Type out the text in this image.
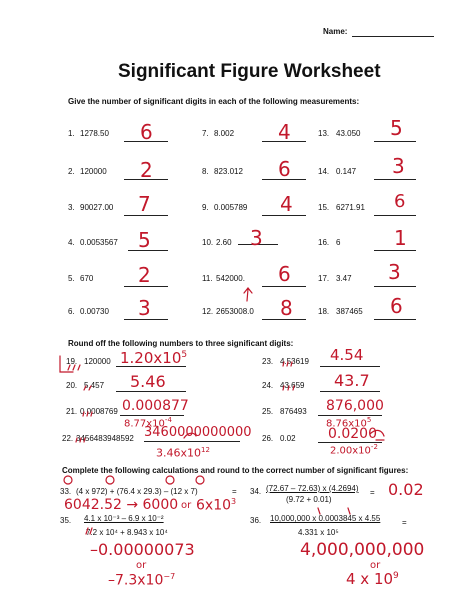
Name:
Significant Figure Worksheet
Give the number of significant digits in each of the following measurements:
1. 1278.50 6
2. 120000 2
3. 90027.00 7
4. 0.0053567 5
5. 670 2
6. 0.00730 3
7. 8.002 4
8. 823.012 6
9. 0.005789 4
10. 2.60 3
11. 542000. 6
12. 2653008.0 8
13. 43.050 5
14. 0.147 3
15. 6271.91 6
16. 6	1
17. 3.47 3
18. 387465 6
Round off the following numbers to three significant digits:
19. 120000 $1.20x10^5$
20. 5.457 5.46
21. 0.0008769 0.000877
$8.77x10^{-4}$
22. 3456483948592 3460000000000
$3.46x10^{12}$
23. 4.53619 4.54
24. 43.659 43.7
25. 876493 876,000
$8.76x10^5$
26. 0.02 0.0200
$2.00x10^{-2}$
Complete the following calculations and round to the correct number of significant figures:
33. (4 x 972) + (76.4 x 29.3) – (12 x 7)	=
6042.52 → 6000 or $6x10^3$
34. (72.67 – 72.63) x (4.2694)
(9.72 + 0.01)
= 0.02
35. 4.1 x 10⁻³ – 6.9 x 10⁻²
7.2 x 10⁴ + 8.943 x 10⁴
–0.00000073
or
$-7.3x10^{-7}$
36. 10,000,000 x 0.0003845 x 4.55
4.331 x 10⁵
=
4,000,000,000
or
4 x $10^9$
